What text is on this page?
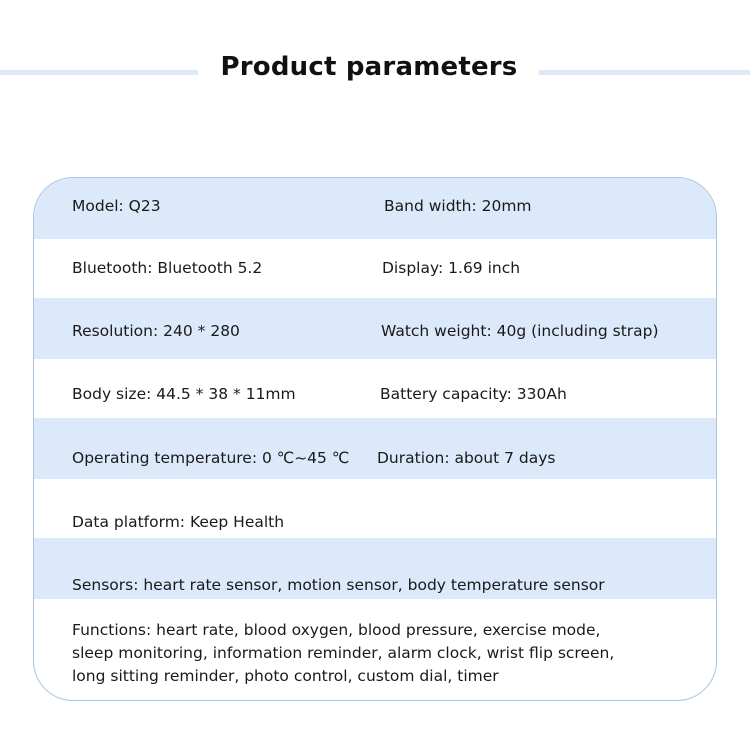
Product parameters
Model: Q23	Band width: 20mm
Bluetooth: Bluetooth 5.2	Display: 1.69 inch
Resolution: 240 * 280	Watch weight: 40g (including strap)
Body size: 44.5 * 38 * 11mm	Battery capacity: 330Ah
Operating temperature: 0 ℃~45 ℃ Duration: about 7 days
Data platform: Keep Health
Sensors: heart rate sensor, motion sensor, body temperature sensor
Functions: heart rate, blood oxygen, blood pressure, exercise mode,
sleep monitoring, information reminder, alarm clock, wrist flip screen,
long sitting reminder, photo control, custom dial, timer
